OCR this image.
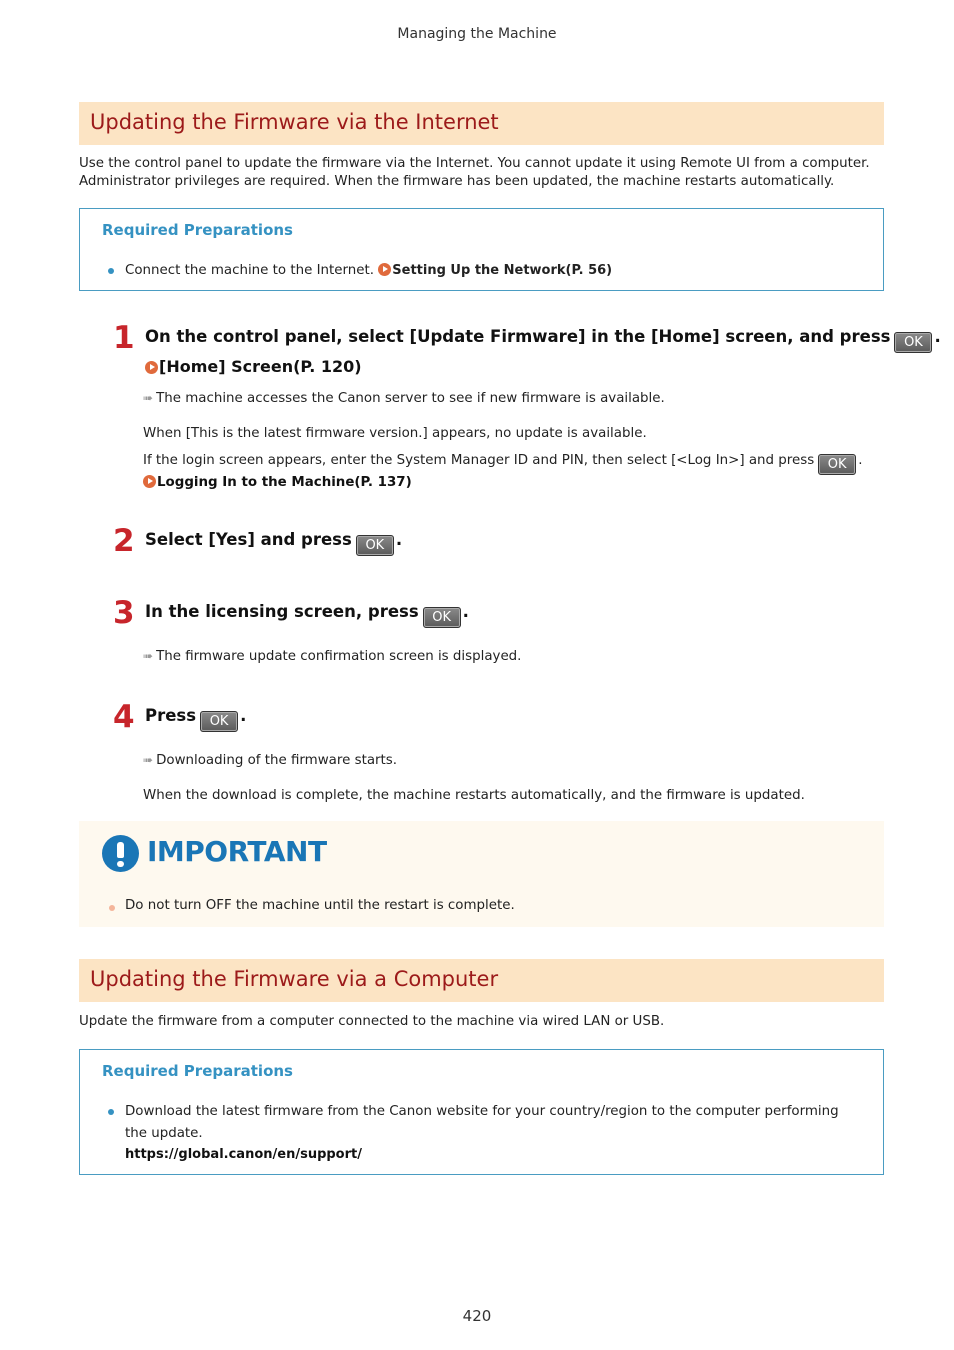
Managing the Machine
Updating the Firmware via the Internet
Use the control panel to update the firmware via the Internet. You cannot update it using Remote UI from a computer. Administrator privileges are required. When the firmware has been updated, the machine restarts automatically.
Required Preparations
Connect the machine to the Internet. Setting Up the Network(P. 56)
1 On the control panel, select [Update Firmware] in the [Home] screen, and press OK .
[Home] Screen(P. 120)
➠ The machine accesses the Canon server to see if new firmware is available.
When [This is the latest firmware version.] appears, no update is available.
If the login screen appears, enter the System Manager ID and PIN, then select [<Log In>] and press OK .
Logging In to the Machine(P. 137)
2 Select [Yes] and press OK .
3 In the licensing screen, press OK .
➠ The firmware update confirmation screen is displayed.
4 Press OK .
➠ Downloading of the firmware starts.
When the download is complete, the machine restarts automatically, and the firmware is updated.
IMPORTANT
Do not turn OFF the machine until the restart is complete.
Updating the Firmware via a Computer
Update the firmware from a computer connected to the machine via wired LAN or USB.
Required Preparations
Download the latest firmware from the Canon website for your country/region to the computer performing
the update.
https://global.canon/en/support/
420
